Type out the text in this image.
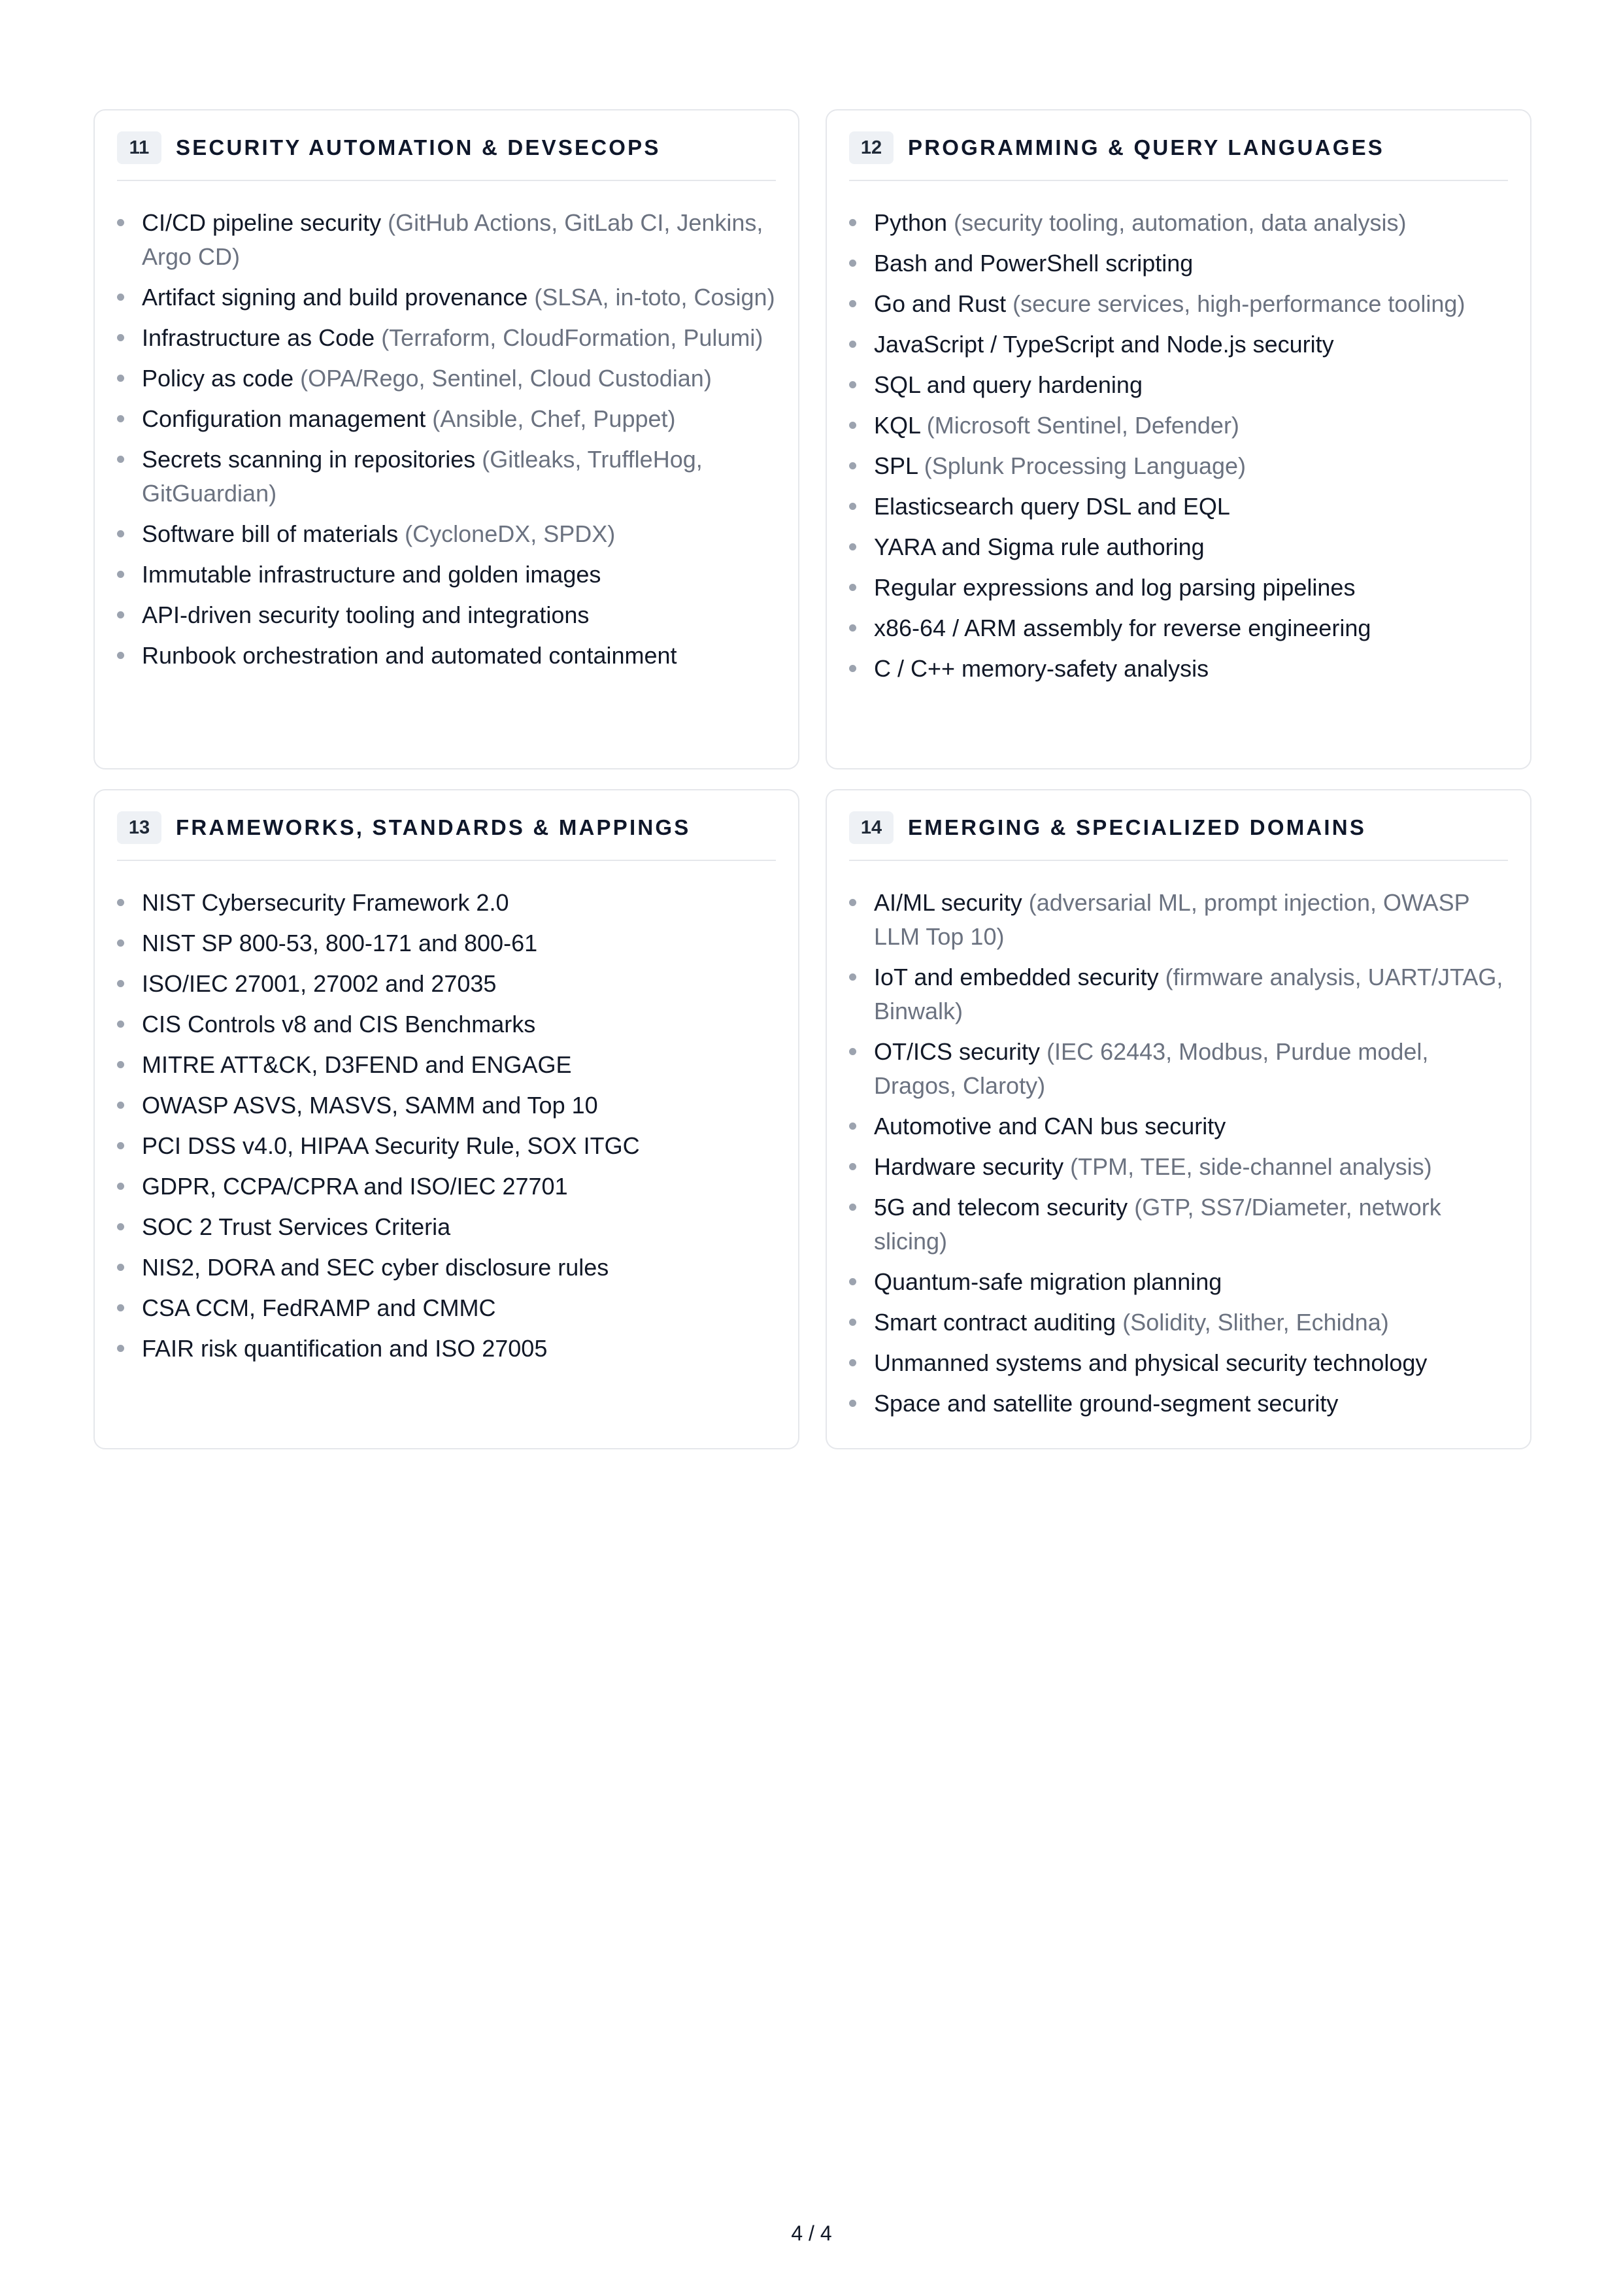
11	SECURITY AUTOMATION & DEVSECOPS
CI/CD pipeline security (GitHub Actions, GitLab CI, Jenkins, Argo CD)
Artifact signing and build provenance (SLSA, in-toto, Cosign)
Infrastructure as Code (Terraform, CloudFormation, Pulumi)
Policy as code (OPA/Rego, Sentinel, Cloud Custodian)
Configuration management (Ansible, Chef, Puppet)
Secrets scanning in repositories (Gitleaks, TruffleHog, GitGuardian)
Software bill of materials (CycloneDX, SPDX)
Immutable infrastructure and golden images
API-driven security tooling and integrations
Runbook orchestration and automated containment
12	PROGRAMMING & QUERY LANGUAGES
Python (security tooling, automation, data analysis)
Bash and PowerShell scripting
Go and Rust (secure services, high-performance tooling)
JavaScript / TypeScript and Node.js security
SQL and query hardening
KQL (Microsoft Sentinel, Defender)
SPL (Splunk Processing Language)
Elasticsearch query DSL and EQL
YARA and Sigma rule authoring
Regular expressions and log parsing pipelines
x86-64 / ARM assembly for reverse engineering
C / C++ memory-safety analysis
13	FRAMEWORKS, STANDARDS & MAPPINGS
NIST Cybersecurity Framework 2.0
NIST SP 800-53, 800-171 and 800-61
ISO/IEC 27001, 27002 and 27035
CIS Controls v8 and CIS Benchmarks
MITRE ATT&CK, D3FEND and ENGAGE
OWASP ASVS, MASVS, SAMM and Top 10
PCI DSS v4.0, HIPAA Security Rule, SOX ITGC
GDPR, CCPA/CPRA and ISO/IEC 27701
SOC 2 Trust Services Criteria
NIS2, DORA and SEC cyber disclosure rules
CSA CCM, FedRAMP and CMMC
FAIR risk quantification and ISO 27005
14	EMERGING & SPECIALIZED DOMAINS
AI/ML security (adversarial ML, prompt injection, OWASP LLM Top 10)
IoT and embedded security (firmware analysis, UART/JTAG, Binwalk)
OT/ICS security (IEC 62443, Modbus, Purdue model, Dragos, Claroty)
Automotive and CAN bus security
Hardware security (TPM, TEE, side-channel analysis)
5G and telecom security (GTP, SS7/Diameter, network slicing)
Quantum-safe migration planning
Smart contract auditing (Solidity, Slither, Echidna)
Unmanned systems and physical security technology
Space and satellite ground-segment security
4 / 4
